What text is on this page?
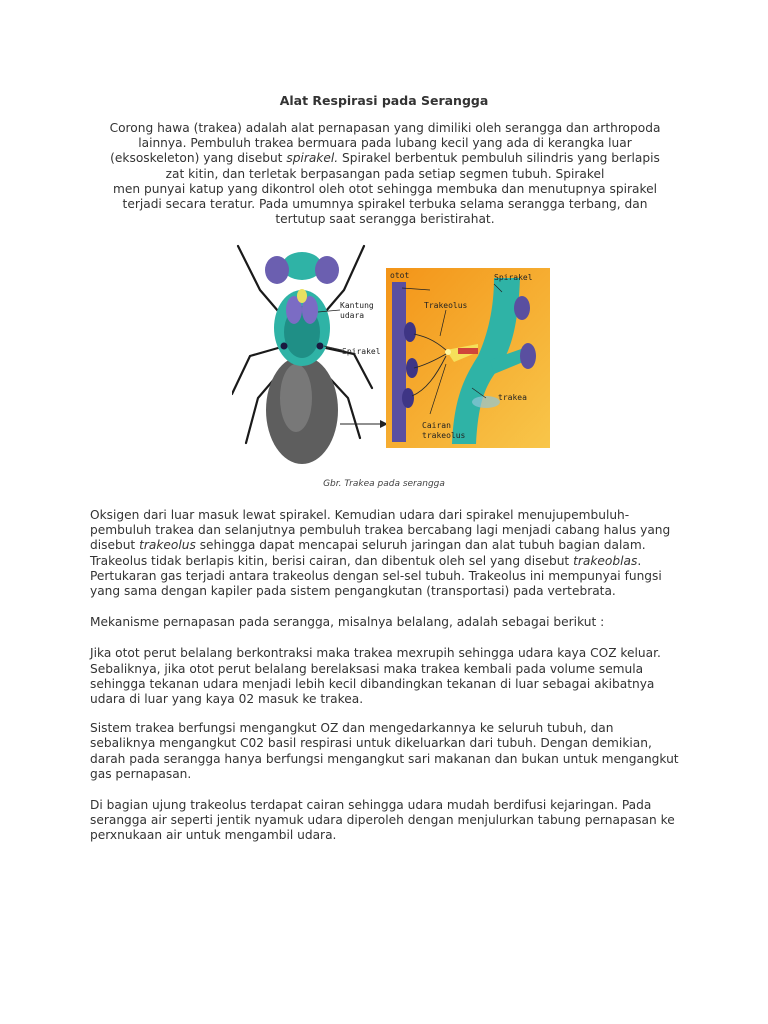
Alat Respirasi pada Serangga

Corong hawa (trakea) adalah alat pernapasan yang dimiliki oleh serangga dan arthropoda

lainnya. Pembuluh trakea bermuara pada lubang kecil yang ada di kerangka luar

(eksoskeleton) yang disebut spirakel. Spirakel berbentuk pembuluh silindris yang berlapis

zat kitin, dan terletak berpasangan pada setiap segmen tubuh. Spirakel

men punyai katup yang dikontrol oleh otot sehingga membuka dan menutupnya spirakel

terjadi secara teratur. Pada umumnya spirakel terbuka selama serangga terbang, dan

tertutup saat serangga beristirahat.

Kantung
udara
Spirakel
otot	Spirakel
Trakeolus
trakea
Cairan
trakeolus
Gbr. Trakea pada serangga

Oksigen dari luar masuk lewat spirakel. Kemudian udara dari spirakel menujupembuluh-pembuluh trakea dan selanjutnya pembuluh trakea bercabang lagi menjadi cabang halus yang disebut trakeolus sehingga dapat mencapai seluruh jaringan dan alat tubuh bagian dalam. Trakeolus tidak berlapis kitin, berisi cairan, dan dibentuk oleh sel yang disebut trakeoblas. Pertukaran gas terjadi antara trakeolus dengan sel-sel tubuh. Trakeolus ini mempunyai fungsi yang sama dengan kapiler pada sistem pengangkutan (transportasi) pada vertebrata.

Mekanisme pernapasan pada serangga, misalnya belalang, adalah sebagai berikut :

Jika otot perut belalang berkontraksi maka trakea mexrupih sehingga udara kaya COZ keluar. Sebaliknya, jika otot perut belalang berelaksasi maka trakea kembali pada volume semula sehingga tekanan udara menjadi lebih kecil dibandingkan tekanan di luar sebagai akibatnya udara di luar yang kaya 02 masuk ke trakea.

Sistem trakea berfungsi mengangkut OZ dan mengedarkannya ke seluruh tubuh, dan sebaliknya mengangkut C02 basil respirasi untuk dikeluarkan dari tubuh. Dengan demikian, darah pada serangga hanya berfungsi mengangkut sari makanan dan bukan untuk mengangkut gas pernapasan.

Di bagian ujung trakeolus terdapat cairan sehingga udara mudah berdifusi kejaringan. Pada serangga air seperti jentik nyamuk udara diperoleh dengan menjulurkan tabung pernapasan ke perxnukaan air untuk mengambil udara.
